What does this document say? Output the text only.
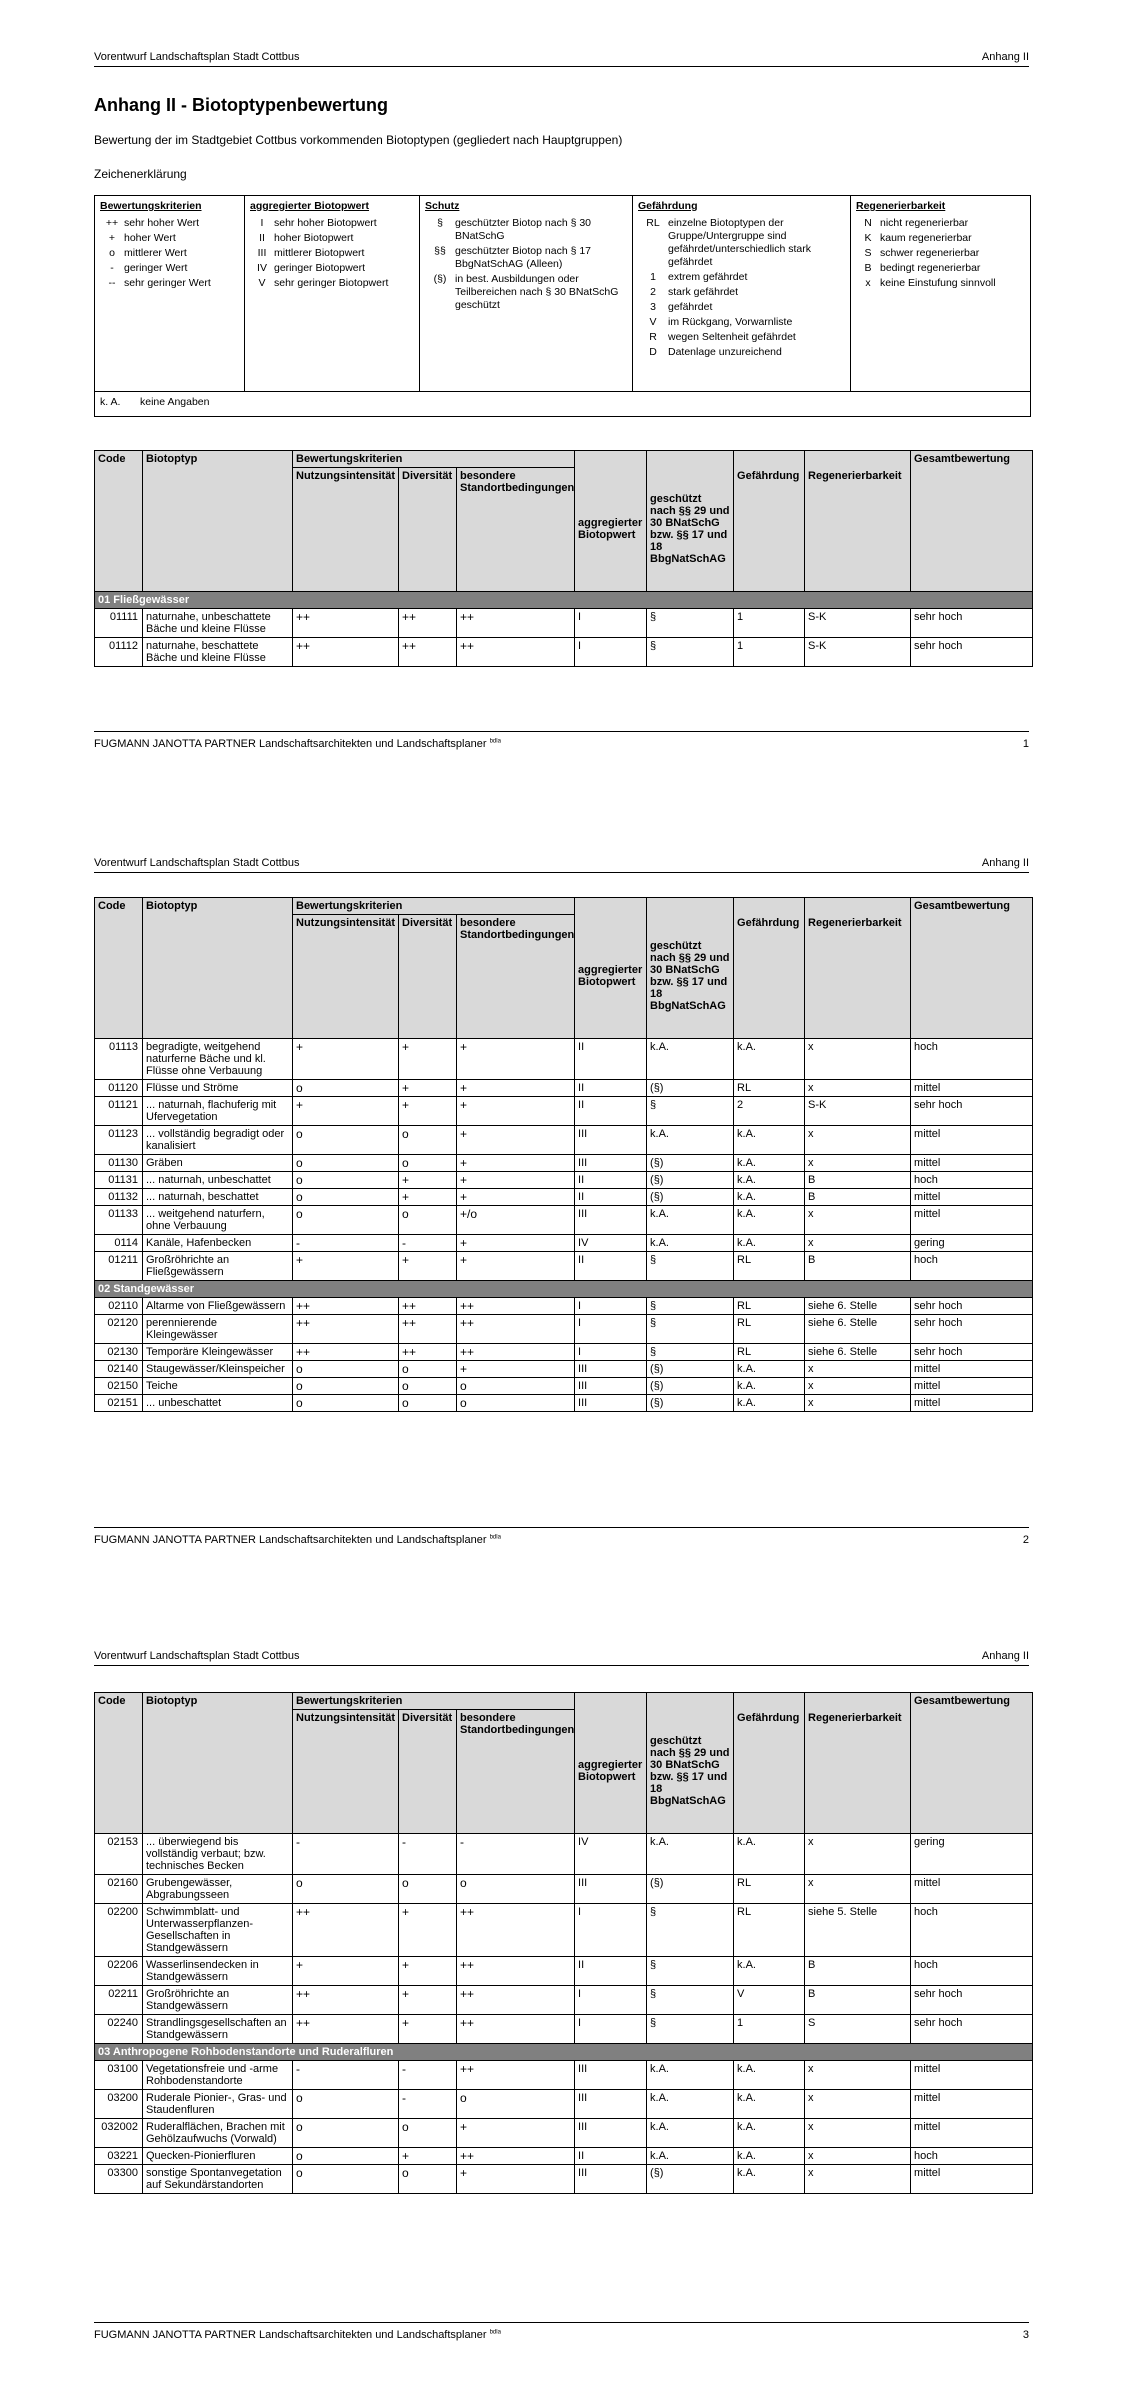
Vorentwurf Landschaftsplan Stadt Cottbus	Anhang II
Anhang II - Biotoptypenbewertung
Bewertung der im Stadtgebiet Cottbus vorkommenden Biotoptypen (gegliedert nach Hauptgruppen)
Zeichenerklärung
Bewertungskriterien
++ sehr hoher Wert
+ hoher Wert
o mittlerer Wert
- geringer Wert
-- sehr geringer Wert
aggregierter Biotopwert
I	sehr hoher Biotopwert
II hoher Biotopwert
III mittlerer Biotopwert
IV geringer Biotopwert
V sehr geringer Biotopwert
Schutz
§	geschützter Biotop nach § 30 BNatSchG
§§ geschützter Biotop nach § 17 BbgNatSchAG (Alleen)
(§) in best. Ausbildungen oder Teilbereichen nach § 30 BNatSchG geschützt
Gefährdung
RL einzelne Biotoptypen der Gruppe/Untergruppe sind gefährdet/unterschiedlich stark gefährdet
1	extrem gefährdet
2	stark gefährdet
3	gefährdet
V	im Rückgang, Vorwarnliste
R	wegen Seltenheit gefährdet
D	Datenlage unzureichend
Regenerierbarkeit
N nicht regenerierbar
K kaum regenerierbar
S schwer regenerierbar
B bedingt regenerierbar
x keine Einstufung sinnvoll
k. A.	keine Angaben
Code	Biotoptyp	Bewertungskriterien							Gesamtbewertung
		Nutzungsintensität	Diversität	besondere Standortbedingungen	aggregierter Biotopwert	geschützt nach §§ 29 und 30 BNatSchG bzw. §§ 17 und 18 BbgNatSchAG	Gefährdung	Regenerierbarkeit	
01 Fließgewässer									
01111	naturnahe, unbeschattete Bäche und kleine Flüsse	++	++	++	I	§	1	S-K	sehr hoch
01112	naturnahe, beschattete Bäche und kleine Flüsse	++	++	++	I	§	1	S-K	sehr hoch
FUGMANN JANOTTA PARTNER Landschaftsarchitekten und Landschaftsplaner $^{bdla}$	1
Vorentwurf Landschaftsplan Stadt Cottbus	Anhang II
Code	Biotoptyp	Bewertungskriterien							Gesamtbewertung
		Nutzungsintensität	Diversität	besondere Standortbedingungen	aggregierter Biotopwert	geschützt nach §§ 29 und 30 BNatSchG bzw. §§ 17 und 18 BbgNatSchAG	Gefährdung	Regenerierbarkeit	
01113	begradigte, weitgehend naturferne Bäche und kl. Flüsse ohne Verbauung	+	+	+	II	k.A.	k.A.	x	hoch
01120	Flüsse und Ströme	o	+	+	II	(§)	RL	x	mittel
01121	... naturnah, flachuferig mit Ufervegetation	+	+	+	II	§	2	S-K	sehr hoch
01123	... vollständig begradigt oder kanalisiert	o	o	+	III	k.A.	k.A.	x	mittel
01130	Gräben	o	o	+	III	(§)	k.A.	x	mittel
01131	... naturnah, unbeschattet	o	+	+	II	(§)	k.A.	B	hoch
01132	... naturnah, beschattet	o	+	+	II	(§)	k.A.	B	mittel
01133	... weitgehend naturfern, ohne Verbauung	o	o	+/o	III	k.A.	k.A.	x	mittel
0114	Kanäle, Hafenbecken	-	-	+	IV	k.A.	k.A.	x	gering
01211	Großröhrichte an Fließgewässern	+	+	+	II	§	RL	B	hoch
02 Standgewässer									
02110	Altarme von Fließgewässern	++	++	++	I	§	RL	siehe 6. Stelle	sehr hoch
02120	perennierende Kleingewässer	++	++	++	I	§	RL	siehe 6. Stelle	sehr hoch
02130	Temporäre Kleingewässer	++	++	++	I	§	RL	siehe 6. Stelle	sehr hoch
02140	Staugewässer/Kleinspeicher	o	o	+	III	(§)	k.A.	x	mittel
02150	Teiche	o	o	o	III	(§)	k.A.	x	mittel
02151	... unbeschattet	o	o	o	III	(§)	k.A.	x	mittel
FUGMANN JANOTTA PARTNER Landschaftsarchitekten und Landschaftsplaner $^{bdla}$	2
Vorentwurf Landschaftsplan Stadt Cottbus	Anhang II
Code	Biotoptyp	Bewertungskriterien							Gesamtbewertung
		Nutzungsintensität	Diversität	besondere Standortbedingungen	aggregierter Biotopwert	geschützt nach §§ 29 und 30 BNatSchG bzw. §§ 17 und 18 BbgNatSchAG	Gefährdung	Regenerierbarkeit	
02153	... überwiegend bis vollständig verbaut; bzw. technisches Becken	-	-	-	IV	k.A.	k.A.	x	gering
02160	Grubengewässer, Abgrabungsseen	o	o	o	III	(§)	RL	x	mittel
02200	Schwimmblatt- und Unterwasserpflanzen-Gesellschaften in Standgewässern	++	+	++	I	§	RL	siehe 5. Stelle	hoch
02206	Wasserlinsendecken in Standgewässern	+	+	++	II	§	k.A.	B	hoch
02211	Großröhrichte an Standgewässern	++	+	++	I	§	V	B	sehr hoch
02240	Strandlingsgesellschaften an Standgewässern	++	+	++	I	§	1	S	sehr hoch
03 Anthropogene Rohbodenstandorte und Ruderalfluren									
03100	Vegetationsfreie und -arme Rohbodenstandorte	-	-	++	III	k.A.	k.A.	x	mittel
03200	Ruderale Pionier-, Gras- und Staudenfluren	o	-	o	III	k.A.	k.A.	x	mittel
032002	Ruderalflächen, Brachen mit Gehölzaufwuchs (Vorwald)	o	o	+	III	k.A.	k.A.	x	mittel
03221	Quecken-Pionierfluren	o	+	++	II	k.A.	k.A.	x	hoch
03300	sonstige Spontanvegetation auf Sekundärstandorten	o	o	+	III	(§)	k.A.	x	mittel
FUGMANN JANOTTA PARTNER Landschaftsarchitekten und Landschaftsplaner $^{bdla}$	3
